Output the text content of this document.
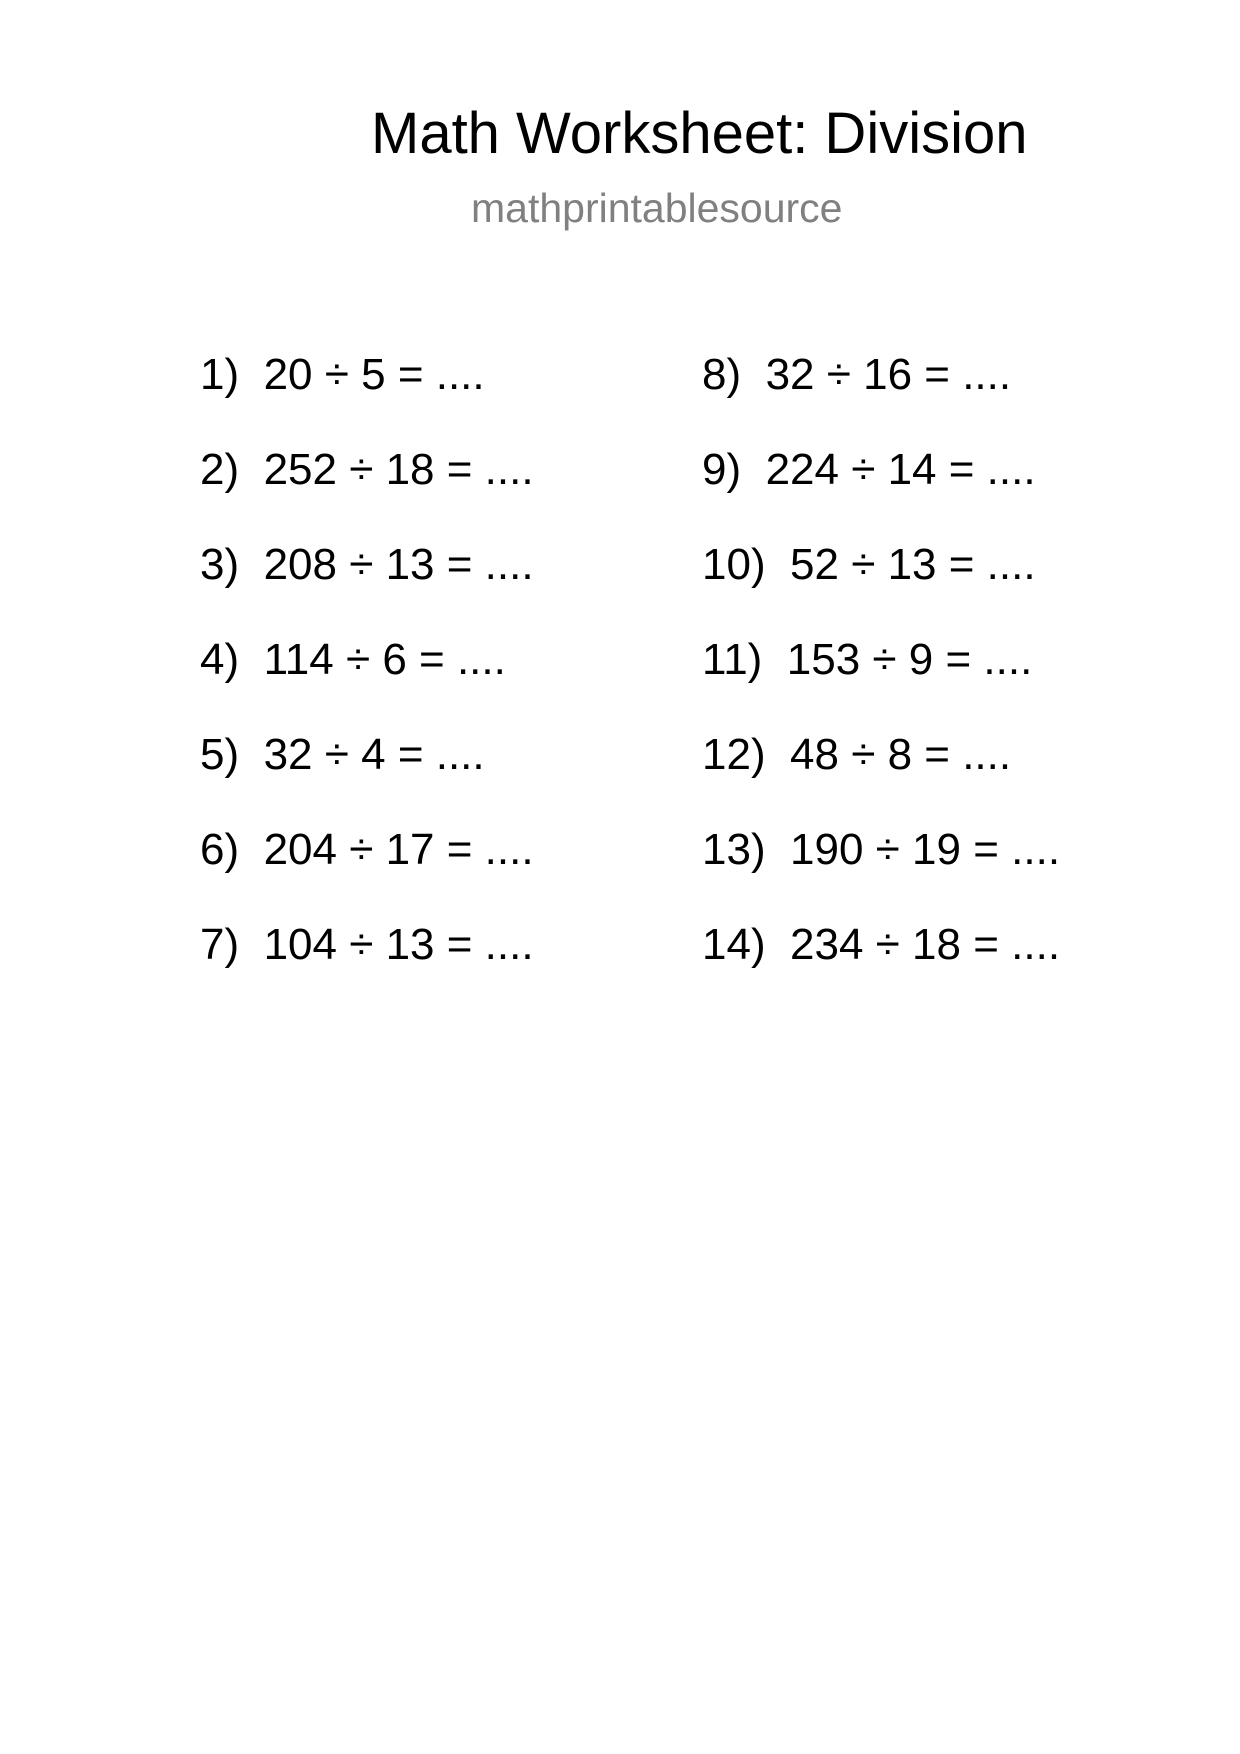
Math Worksheet: Division
mathprintablesource
1) 20 ÷ 5 = ....
2) 252 ÷ 18 = ....
3) 208 ÷ 13 = ....
4) 114 ÷ 6 = ....
5) 32 ÷ 4 = ....
6) 204 ÷ 17 = ....
7) 104 ÷ 13 = ....
8) 32 ÷ 16 = ....
9) 224 ÷ 14 = ....
10) 52 ÷ 13 = ....
11) 153 ÷ 9 = ....
12) 48 ÷ 8 = ....
13) 190 ÷ 19 = ....
14) 234 ÷ 18 = ....
